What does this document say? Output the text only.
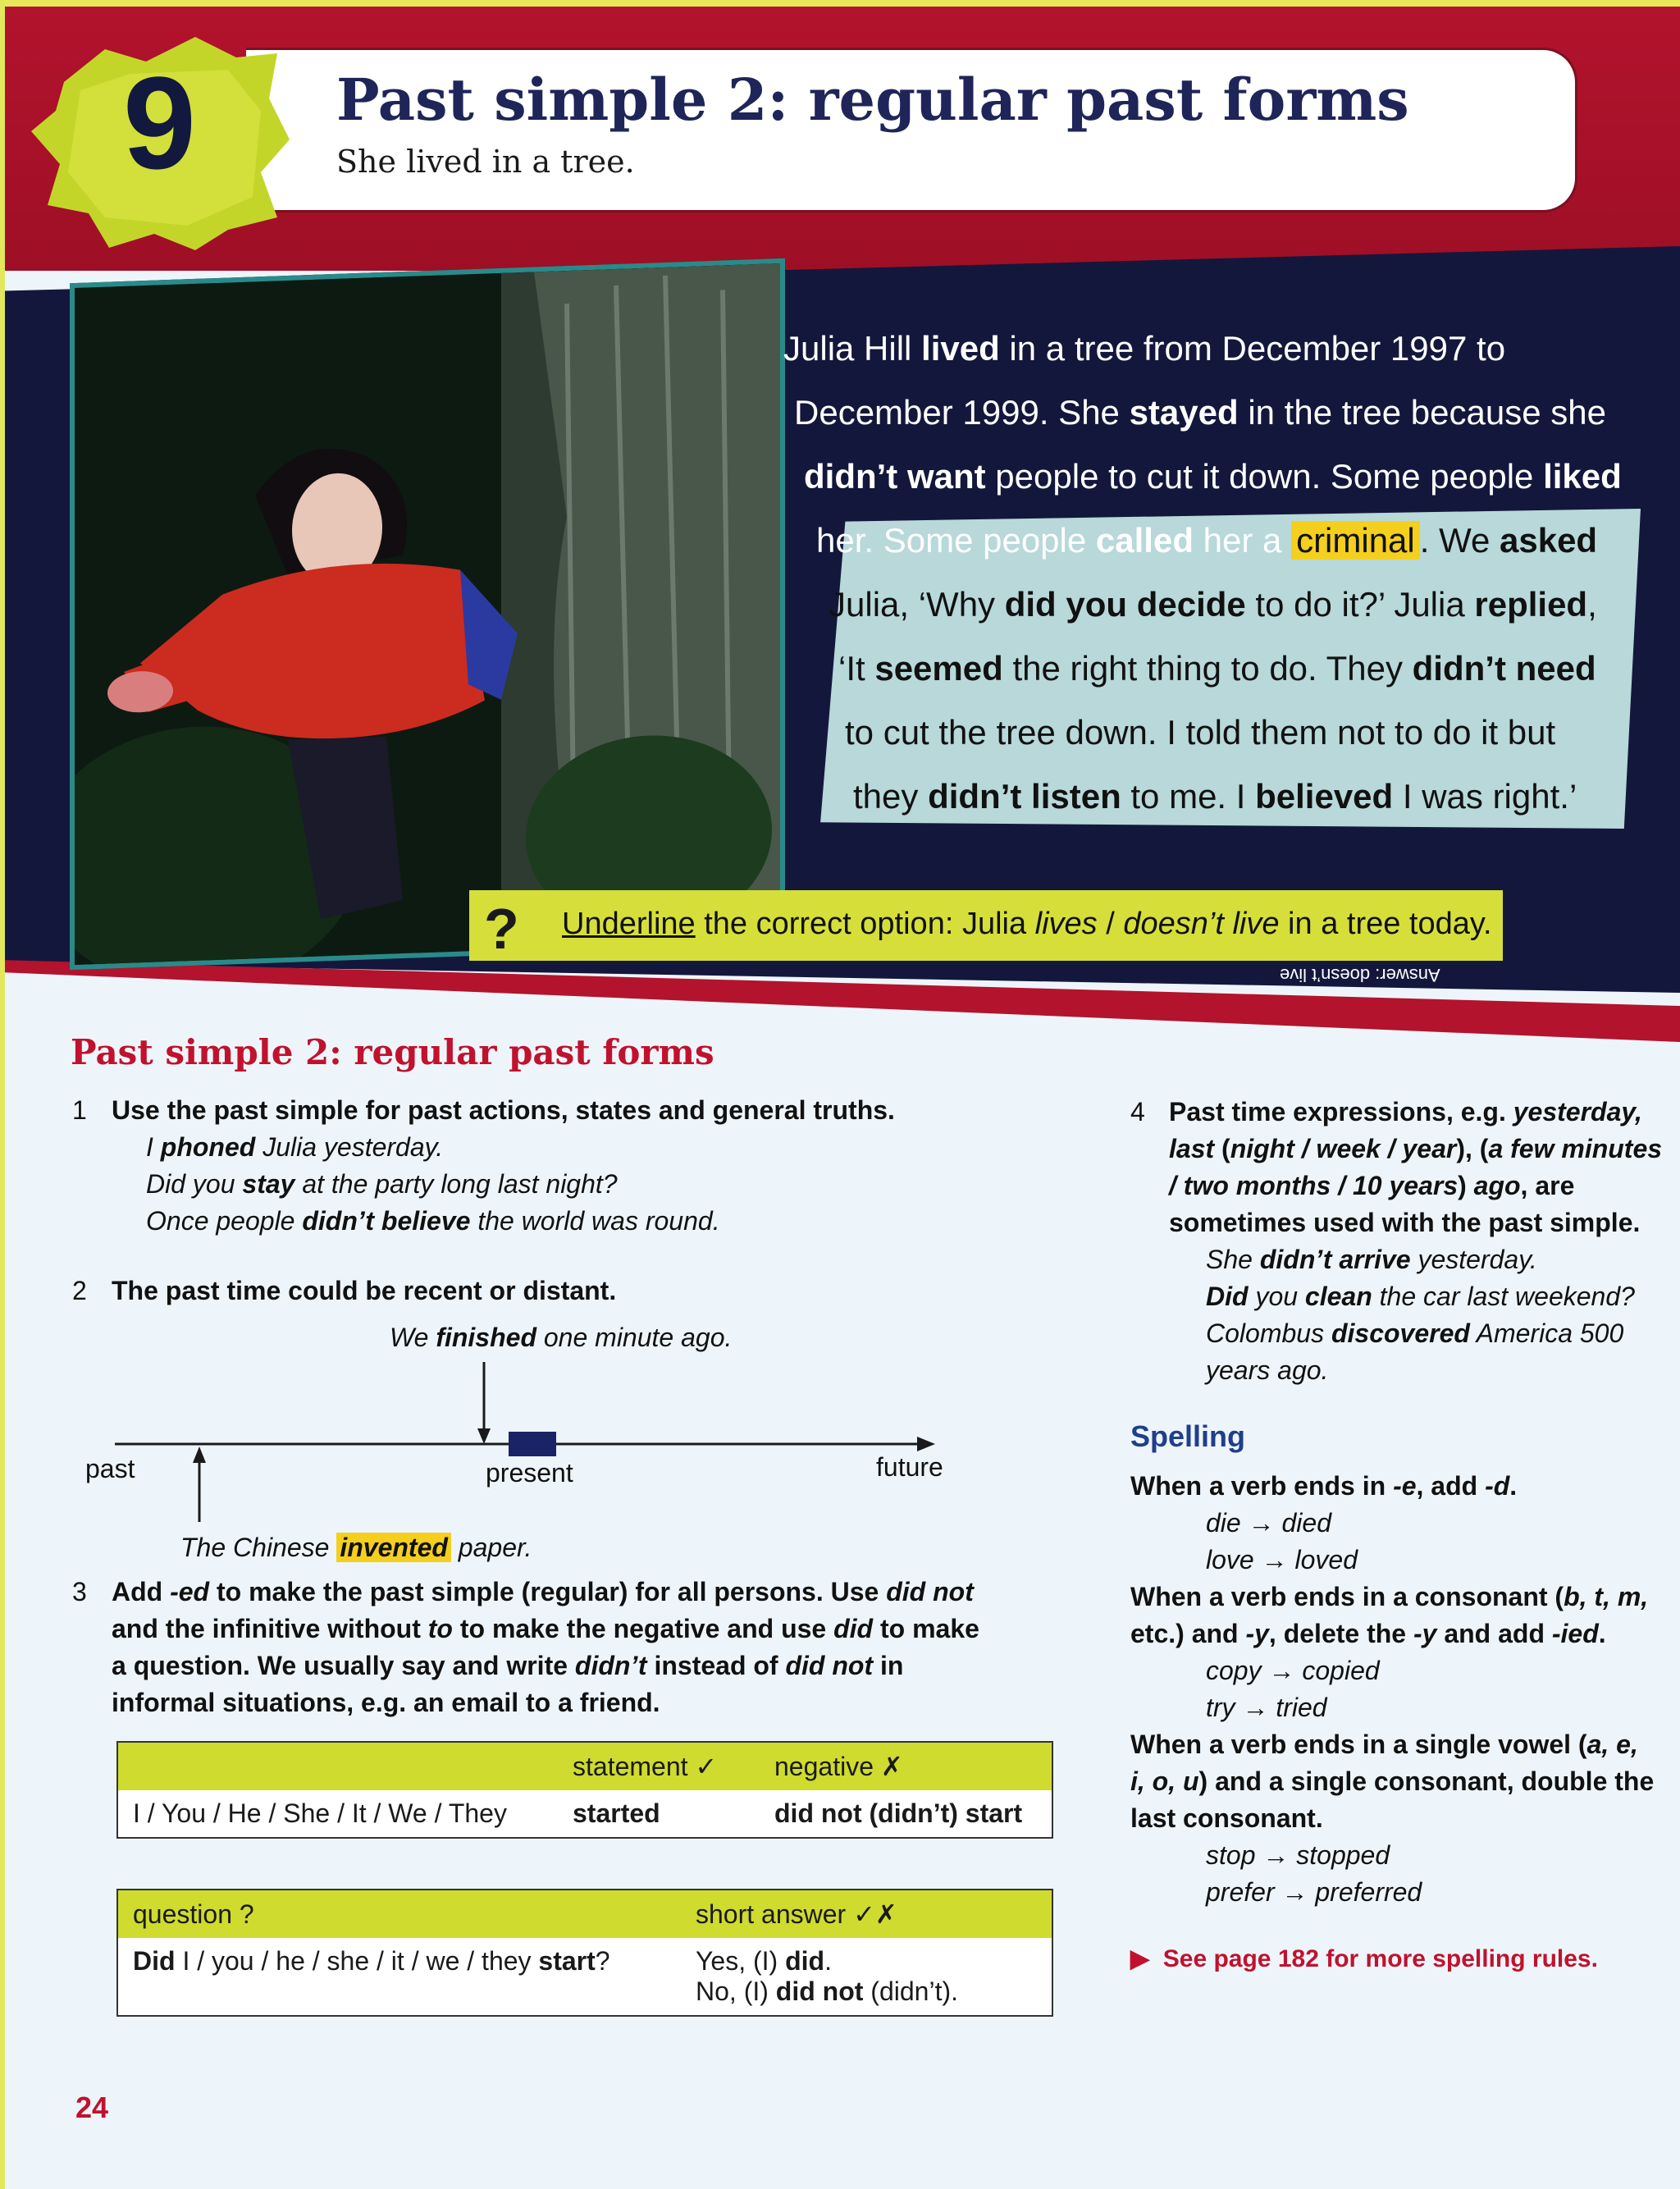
9 Past simple 2: regular past forms
She lived in a tree.
Julia Hill lived in a tree from December 1997 to
December 1999. She stayed in the tree because she
didn’t want people to cut it down. Some people liked
her. Some people called her a criminal . We asked
Julia, ‘Why did you decide to do it?’ Julia replied,
‘It seemed the right thing to do. They didn’t need
to cut the tree down. I told them not to do it but
they didn’t listen to me. I believed I was right.’
? Underline the correct option: Julia lives / doesn’t live in a tree today.
Answer: doesn’t live
Past simple 2: regular past forms
1 Use the past simple for past actions, states and general truths.
I phoned Julia yesterday.
Did you stay at the party long last night?
Once people didn’t believe the world was round.
2 The past time could be recent or distant.
We finished one minute ago.
past	present	future
The Chinese invented paper.
3 Add -ed to make the past simple (regular) for all persons. Use did not
and the infinitive without to to make the negative and use did to make
a question. We usually say and write didn’t instead of did not in
informal situations, e.g. an email to a friend.
	statement ✓	negative ✗
I / You / He / She / It / We / They	started	did not (didn’t) start
question ?	short answer ✓✗
Did I / you / he / she / it / we / they start?	Yes, (I) did.
No, (I) did not (didn’t).
24
4 Past time expressions, e.g. yesterday,
last (night / week / year), (a few minutes
/ two months / 10 years) ago, are
sometimes used with the past simple.
She didn’t arrive yesterday.
Did you clean the car last weekend?
Colombus discovered America 500
years ago.
Spelling
When a verb ends in -e, add -d.
die → died
love → loved
When a verb ends in a consonant (b, t, m,
etc.) and -y, delete the -y and add -ied.
copy → copied
try → tried
When a verb ends in a single vowel (a, e,
i, o, u) and a single consonant, double the
last consonant.
stop → stopped
prefer → preferred
▶ See page 182 for more spelling rules.
